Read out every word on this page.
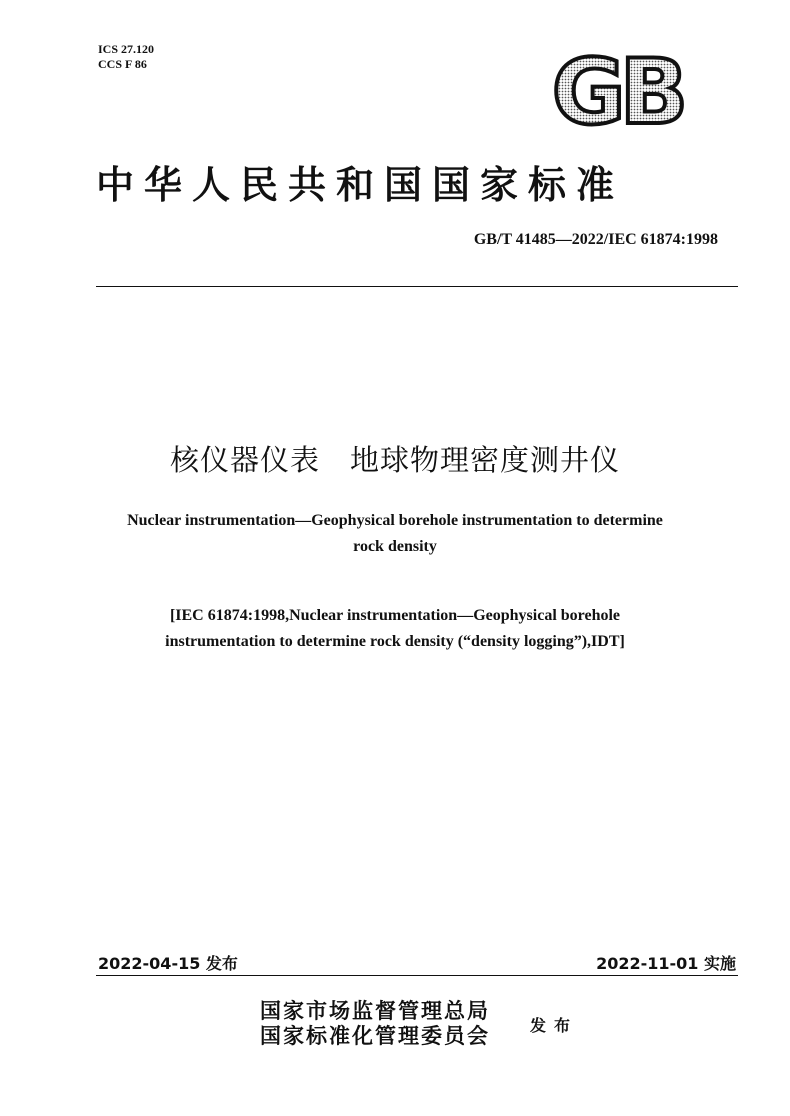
ICS 27.120
CCS F 86	GB
中华人民共和国国家标准
GB/T 41485—2022/IEC 61874:1998
核仪器仪表 地球物理密度测井仪
Nuclear instrumentation—Geophysical borehole instrumentation to determine
rock density
[IEC 61874:1998,Nuclear instrumentation—Geophysical borehole
instrumentation to determine rock density (“density logging”),IDT]
2022-04-15 发布	2022-11-01 实施
国家市场监督管理总局
国家标准化管理委员会	发布
